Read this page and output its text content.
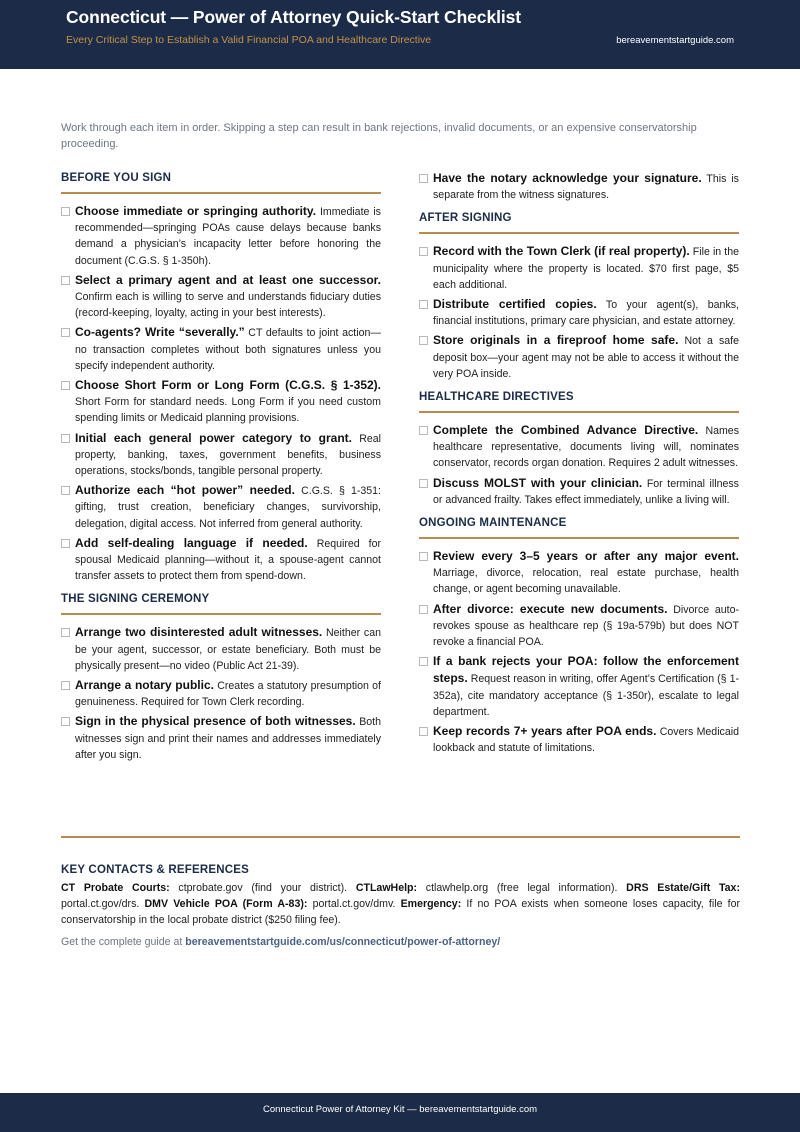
Connecticut — Power of Attorney Quick-Start Checklist
Every Critical Step to Establish a Valid Financial POA and Healthcare Directive	bereavementstartguide.com
Work through each item in order. Skipping a step can result in bank rejections, invalid documents, or an expensive conservatorship proceeding.
BEFORE YOU SIGN
Choose immediate or springing authority. Immediate is recommended—springing POAs cause delays because banks demand a physician’s incapacity letter before honoring the document (C.G.S. § 1-350h).
Select a primary agent and at least one successor. Confirm each is willing to serve and understands fiduciary duties (record-keeping, loyalty, acting in your best interests).
Co-agents? Write “severally.” CT defaults to joint action—no transaction completes without both signatures unless you specify independent authority.
Choose Short Form or Long Form (C.G.S. § 1-352). Short Form for standard needs. Long Form if you need custom spending limits or Medicaid planning provisions.
Initial each general power category to grant. Real property, banking, taxes, government benefits, business operations, stocks/bonds, tangible personal property.
Authorize each “hot power” needed. C.G.S. § 1-351: gifting, trust creation, beneficiary changes, survivorship, delegation, digital access. Not inferred from general authority.
Add self-dealing language if needed. Required for spousal Medicaid planning—without it, a spouse-agent cannot transfer assets to protect them from spend-down.
THE SIGNING CEREMONY
Arrange two disinterested adult witnesses. Neither can be your agent, successor, or estate beneficiary. Both must be physically present—no video (Public Act 21-39).
Arrange a notary public. Creates a statutory presumption of genuineness. Required for Town Clerk recording.
Sign in the physical presence of both witnesses. Both witnesses sign and print their names and addresses immediately after you sign.
Have the notary acknowledge your signature. This is separate from the witness signatures.
AFTER SIGNING
Record with the Town Clerk (if real property). File in the municipality where the property is located. $70 first page, $5 each additional.
Distribute certified copies. To your agent(s), banks, financial institutions, primary care physician, and estate attorney.
Store originals in a fireproof home safe. Not a safe deposit box—your agent may not be able to access it without the very POA inside.
HEALTHCARE DIRECTIVES
Complete the Combined Advance Directive. Names healthcare representative, documents living will, nominates conservator, records organ donation. Requires 2 adult witnesses.
Discuss MOLST with your clinician. For terminal illness or advanced frailty. Takes effect immediately, unlike a living will.
ONGOING MAINTENANCE
Review every 3–5 years or after any major event. Marriage, divorce, relocation, real estate purchase, health change, or agent becoming unavailable.
After divorce: execute new documents. Divorce auto-revokes spouse as healthcare rep (§ 19a-579b) but does NOT revoke a financial POA.
If a bank rejects your POA: follow the enforcement steps. Request reason in writing, offer Agent’s Certification (§ 1-352a), cite mandatory acceptance (§ 1-350r), escalate to legal department.
Keep records 7+ years after POA ends. Covers Medicaid lookback and statute of limitations.
KEY CONTACTS & REFERENCES
CT Probate Courts: ctprobate.gov (find your district). CTLawHelp: ctlawhelp.org (free legal information). DRS Estate/Gift Tax: portal.ct.gov/drs. DMV Vehicle POA (Form A-83): portal.ct.gov/dmv. Emergency: If no POA exists when someone loses capacity, file for conservatorship in the local probate district ($250 filing fee).
Get the complete guide at bereavementstartguide.com/us/connecticut/power-of-attorney/
Connecticut Power of Attorney Kit — bereavementstartguide.com
